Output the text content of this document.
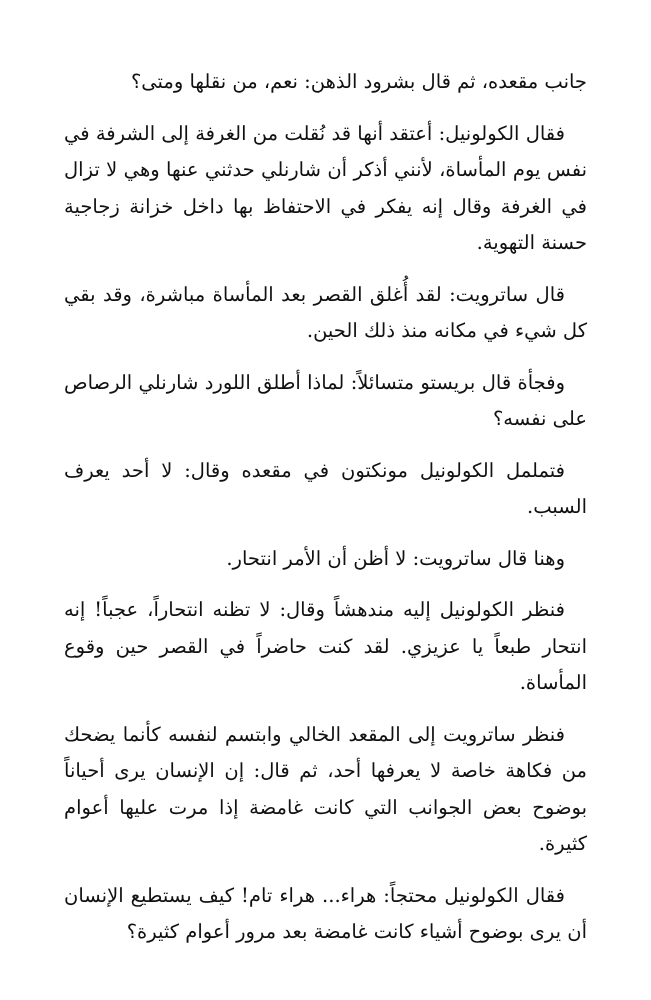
جانب مقعده، ثم قال بشرود الذهن: نعم، من نقلها ومتى؟

فقال الكولونيل: أعتقد أنها قد نُقلت من الغرفة إلى الشرفة في نفس يوم المأساة، لأنني أذكر أن شارنلي حدثني عنها وهي لا تزال في الغرفة وقال إنه يفكر في الاحتفاظ بها داخل خزانة زجاجية حسنة التهوية.

قال ساترويت: لقد أُغلق القصر بعد المأساة مباشرة، وقد بقي كل شيء في مكانه منذ ذلك الحين.

وفجأة قال بريستو متسائلاً: لماذا أطلق اللورد شارنلي الرصاص على نفسه؟

فتململ الكولونيل مونكتون في مقعده وقال: لا أحد يعرف السبب.

وهنا قال ساترويت: لا أظن أن الأمر انتحار.

فنظر الكولونيل إليه مندهشاً وقال: لا تظنه انتحاراً، عجباً! إنه انتحار طبعاً يا عزيزي. لقد كنت حاضراً في القصر حين وقوع المأساة.

فنظر ساترويت إلى المقعد الخالي وابتسم لنفسه كأنما يضحك من فكاهة خاصة لا يعرفها أحد، ثم قال: إن الإنسان يرى أحياناً بوضوح بعض الجوانب التي كانت غامضة إذا مرت عليها أعوام كثيرة.

فقال الكولونيل محتجاً: هراء... هراء تام! كيف يستطيع الإنسان أن يرى بوضوح أشياء كانت غامضة بعد مرور أعوام كثيرة؟
